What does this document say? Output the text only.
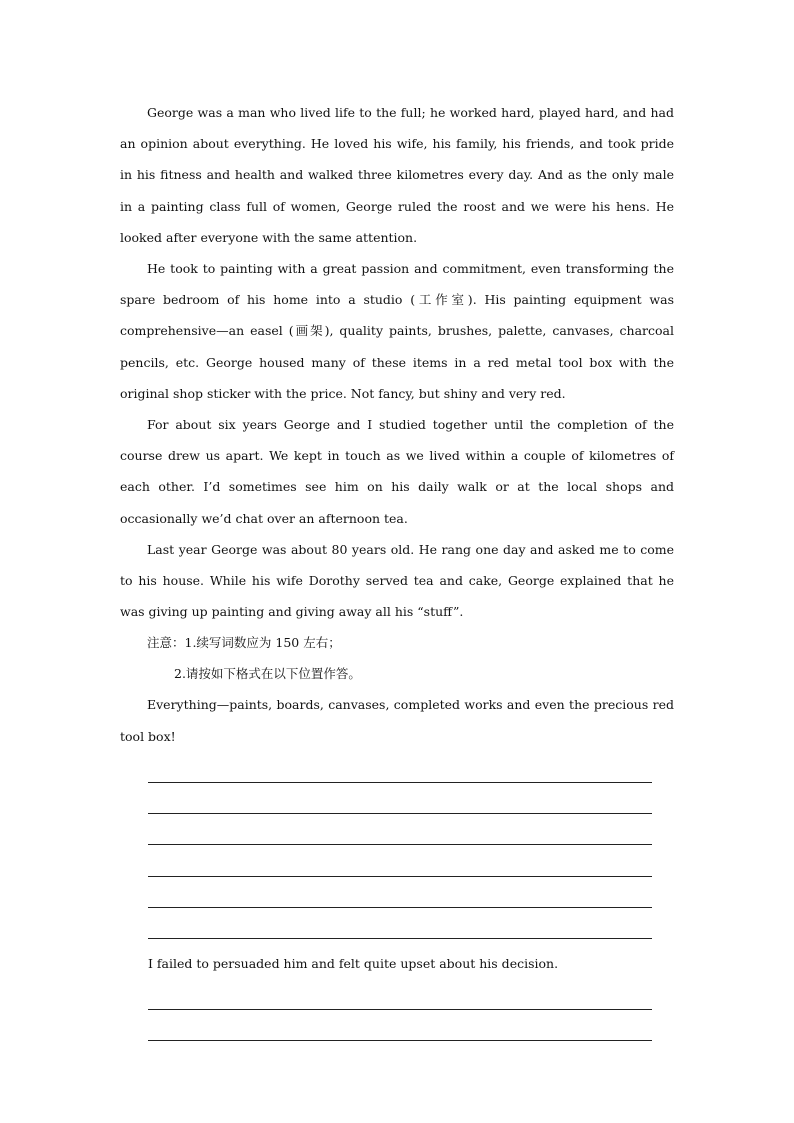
George was a man who lived life to the full; he worked hard, played hard, and had an opinion about everything. He loved his wife, his family, his friends, and took pride in his fitness and health and walked three kilometres every day. And as the only male in a painting class full of women, George ruled the roost and we were his hens. He looked after everyone with the same attention.

He took to painting with a great passion and commitment, even transforming the spare bedroom of his home into a studio (工作室). His painting equipment was comprehensive—an easel (画架), quality paints, brushes, palette, canvases, charcoal pencils, etc. George housed many of these items in a red metal tool box with the original shop sticker with the price. Not fancy, but shiny and very red.

For about six years George and I studied together until the completion of the course drew us apart. We kept in touch as we lived within a couple of kilometres of each other. I’d sometimes see him on his daily walk or at the local shops and occasionally we’d chat over an afternoon tea.

Last year George was about 80 years old. He rang one day and asked me to come to his house. While his wife Dorothy served tea and cake, George explained that he was giving up painting and giving away all his “stuff”.

注意：1.续写词数应为 150 左右；

2.请按如下格式在以下位置作答。

Everything—paints, boards, canvases, completed works and even the precious red tool box!

I failed to persuaded him and felt quite upset about his decision.
